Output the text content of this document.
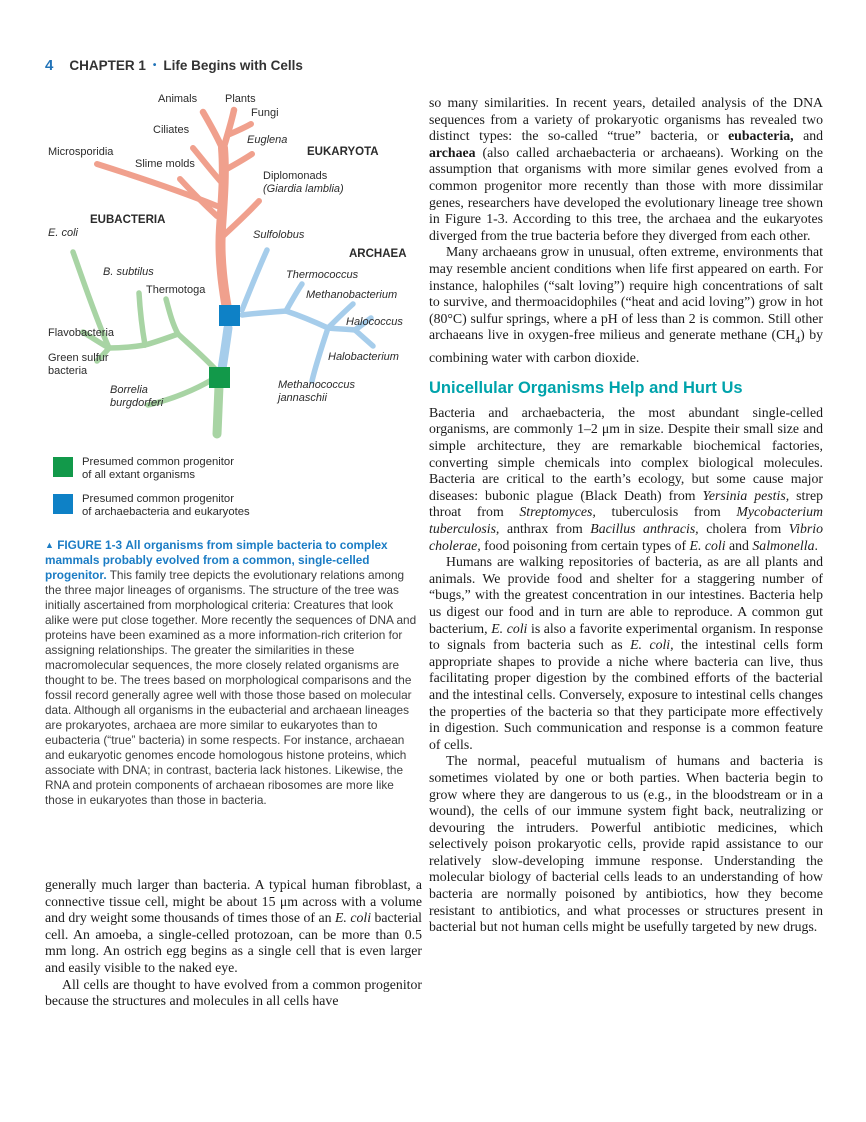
4 CHAPTER 1 • Life Begins with Cells
Animals	Plants
Fungi
Ciliates
Euglena
Microsporidia
Slime molds
EUKARYOTA
Diplomonads
(Giardia lamblia)
EUBACTERIA
E. coli	Sulfolobus
ARCHAEA
B. subtilus
Thermotoga
Thermococcus
Methanobacterium
Flavobacteria
Halococcus
Green sulfur
bacteria
Halobacterium
Borrelia
burgdorferi
Methanococcus
jannaschii
Presumed common progenitor
of all extant organisms
Presumed common progenitor
of archaebacteria and eukaryotes

▲ FIGURE 1-3 All organisms from simple bacteria to complex mammals probably evolved from a common, single-celled progenitor. This family tree depicts the evolutionary relations among the three major lineages of organisms. The structure of the tree was initially ascertained from morphological criteria: Creatures that look alike were put close together. More recently the sequences of DNA and proteins have been examined as a more information-rich criterion for assigning relationships. The greater the similarities in these macromolecular sequences, the more closely related organisms are thought to be. The trees based on morphological comparisons and the fossil record generally agree well with those those based on molecular data. Although all organisms in the eubacterial and archaean lineages are prokaryotes, archaea are more similar to eukaryotes than to eubacteria (“true” bacteria) in some respects. For instance, archaean and eukaryotic genomes encode homologous histone proteins, which associate with DNA; in contrast, bacteria lack histones. Likewise, the RNA and protein components of archaean ribosomes are more like those in eukaryotes than those in bacteria.

generally much larger than bacteria. A typical human fibroblast, a connective tissue cell, might be about 15 μm across with a volume and dry weight some thousands of times those of an E. coli bacterial cell. An amoeba, a single-celled protozoan, can be more than 0.5 mm long. An ostrich egg begins as a single cell that is even larger and easily visible to the naked eye.

All cells are thought to have evolved from a common progenitor because the structures and molecules in all cells have

so many similarities. In recent years, detailed analysis of the DNA sequences from a variety of prokaryotic organisms has revealed two distinct types: the so-called “true” bacteria, or eubacteria, and archaea (also called archaebacteria or archaeans). Working on the assumption that organisms with more similar genes evolved from a common progenitor more recently than those with more dissimilar genes, researchers have developed the evolutionary lineage tree shown in Figure 1-3. According to this tree, the archaea and the eukaryotes diverged from the true bacteria before they diverged from each other.

Many archaeans grow in unusual, often extreme, environments that may resemble ancient conditions when life first appeared on earth. For instance, halophiles (“salt loving”) require high concentrations of salt to survive, and thermoacidophiles (“heat and acid loving”) grow in hot (80°C) sulfur springs, where a pH of less than 2 is common. Still other archaeans live in oxygen-free milieus and generate methane $(CH_4)$ by combining water with carbon dioxide.

Unicellular Organisms Help and Hurt Us

Bacteria and archaebacteria, the most abundant single-celled organisms, are commonly 1–2 μm in size. Despite their small size and simple architecture, they are remarkable biochemical factories, converting simple chemicals into complex biological molecules. Bacteria are critical to the earth’s ecology, but some cause major diseases: bubonic plague (Black Death) from Yersinia pestis, strep throat from Streptomyces, tuberculosis from Mycobacterium tuberculosis, anthrax from Bacillus anthracis, cholera from Vibrio cholerae, food poisoning from certain types of E. coli and Salmonella.

Humans are walking repositories of bacteria, as are all plants and animals. We provide food and shelter for a staggering number of “bugs,” with the greatest concentration in our intestines. Bacteria help us digest our food and in turn are able to reproduce. A common gut bacterium, E. coli is also a favorite experimental organism. In response to signals from bacteria such as E. coli, the intestinal cells form appropriate shapes to provide a niche where bacteria can live, thus facilitating proper digestion by the combined efforts of the bacterial and the intestinal cells. Conversely, exposure to intestinal cells changes the properties of the bacteria so that they participate more effectively in digestion. Such communication and response is a common feature of cells.

The normal, peaceful mutualism of humans and bacteria is sometimes violated by one or both parties. When bacteria begin to grow where they are dangerous to us (e.g., in the bloodstream or in a wound), the cells of our immune system fight back, neutralizing or devouring the intruders. Powerful antibiotic medicines, which selectively poison prokaryotic cells, provide rapid assistance to our relatively slow-developing immune response. Understanding the molecular biology of bacterial cells leads to an understanding of how bacteria are normally poisoned by antibiotics, how they become resistant to antibiotics, and what processes or structures present in bacterial but not human cells might be usefully targeted by new drugs.
